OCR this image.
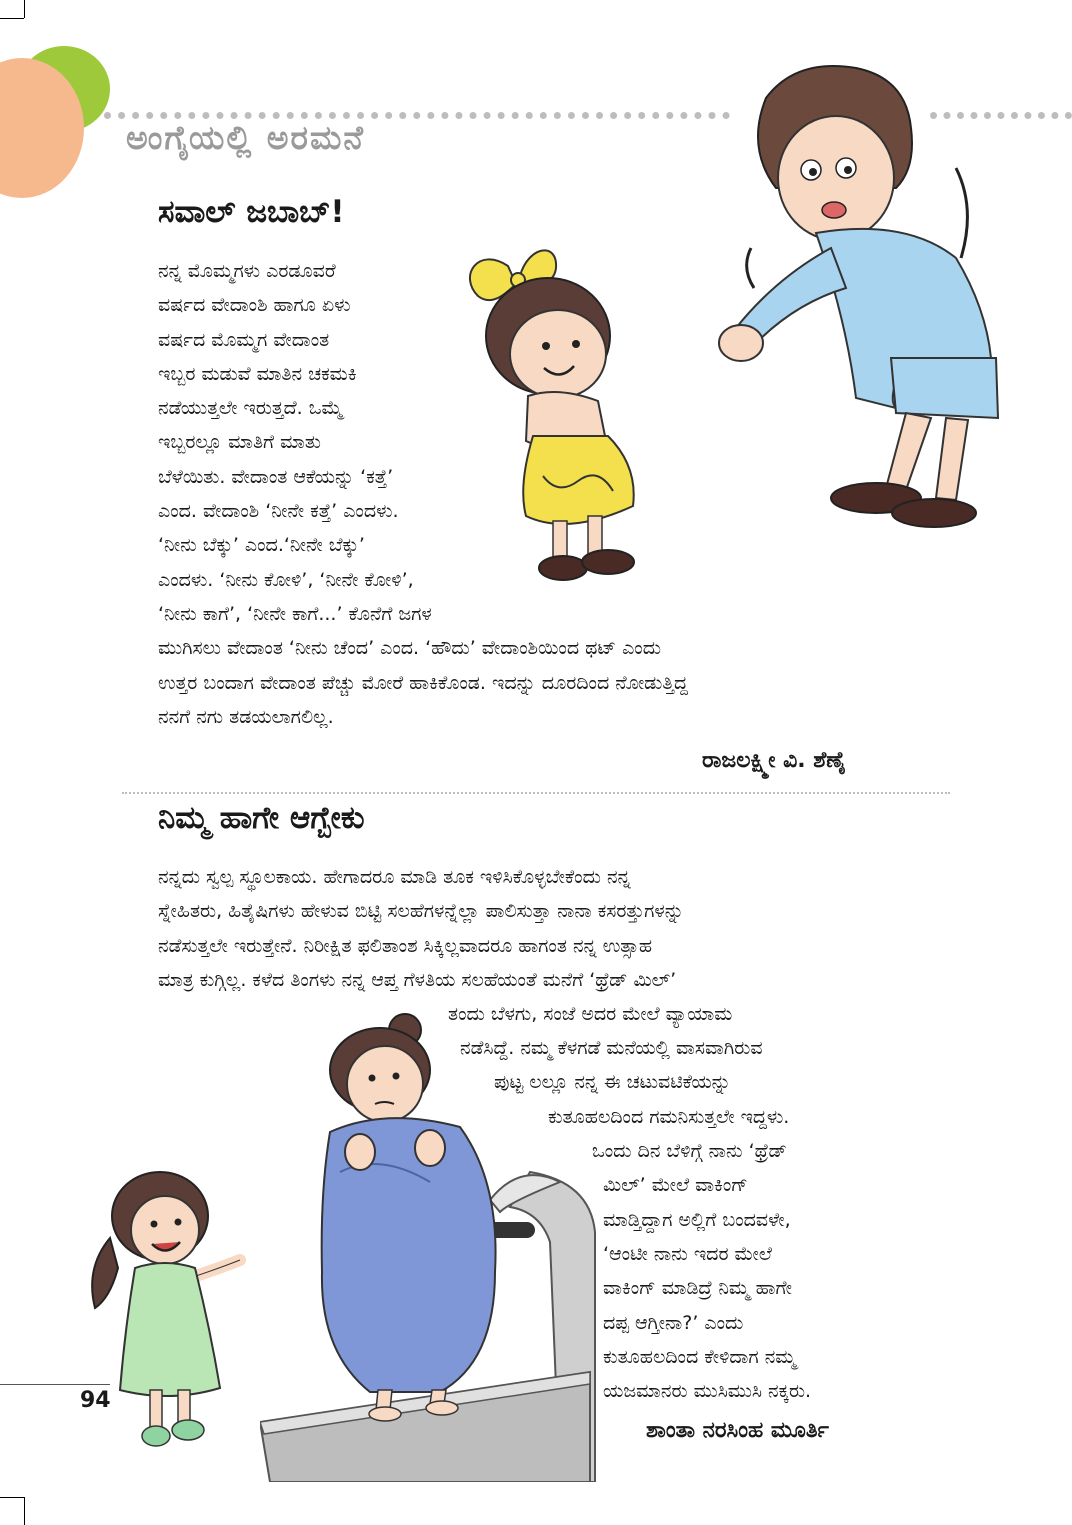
ಅಂಗೈಯಲ್ಲಿ ಅರಮನೆ
ಸವಾಲ್ ಜಬಾಬ್!
ನನ್ನ ಮೊಮ್ಮಗಳು ಎರಡೂವರೆ
ವರ್ಷದ ವೇದಾಂಶಿ ಹಾಗೂ ಏಳು
ವರ್ಷದ ಮೊಮ್ಮಗ ವೇದಾಂತ
ಇಬ್ಬರ ಮಡುವೆ ಮಾತಿನ ಚಕಮಕಿ
ನಡೆಯುತ್ತಲೇ ಇರುತ್ತದೆ. ಒಮ್ಮೆ
ಇಬ್ಬರಲ್ಲೂ ಮಾತಿಗೆ ಮಾತು
ಬೆಳೆಯಿತು. ವೇದಾಂತ ಆಕೆಯನ್ನು ‘ಕತ್ತೆ’
ಎಂದ. ವೇದಾಂಶಿ ‘ನೀನೇ ಕತ್ತೆ’ ಎಂದಳು.
‘ನೀನು ಬೆಕ್ಕು’ ಎಂದ.‘ನೀನೇ ಬೆಕ್ಕು’
ಎಂದಳು. ‘ನೀನು ಕೋಳಿ’, ‘ನೀನೇ ಕೋಳಿ’,
‘ನೀನು ಕಾಗೆ’, ‘ನೀನೇ ಕಾಗೆ...’ ಕೊನೆಗೆ ಜಗಳ
ಮುಗಿಸಲು ವೇದಾಂತ ‘ನೀನು ಚೆಂದ’ ಎಂದ. ‘ಹೌದು’ ವೇದಾಂಶಿಯಿಂದ ಥಟ್ ಎಂದು
ಉತ್ತರ ಬಂದಾಗ ವೇದಾಂತ ಪೆಚ್ಚು ಮೋರೆ ಹಾಕಿಕೊಂಡ. ಇದನ್ನು ದೂರದಿಂದ ನೋಡುತ್ತಿದ್ದ
ನನಗೆ ನಗು ತಡಯಲಾಗಲಿಲ್ಲ.
ರಾಜಲಕ್ಷ್ಮೀ ವಿ. ಶೆಣೈ
ನಿಮ್ಮ ಹಾಗೇ ಆಗ್ಬೇಕು
ನನ್ನದು ಸ್ವಲ್ಪ ಸ್ಥೂಲಕಾಯ. ಹೇಗಾದರೂ ಮಾಡಿ ತೂಕ ಇಳಿಸಿಕೊಳ್ಳಬೇಕೆಂದು ನನ್ನ
ಸ್ನೇಹಿತರು, ಹಿತೈಷಿಗಳು ಹೇಳುವ ಬಿಟ್ಟಿ ಸಲಹೆಗಳನ್ನೆಲ್ಲಾ ಪಾಲಿಸುತ್ತಾ ನಾನಾ ಕಸರತ್ತುಗಳನ್ನು
ನಡೆಸುತ್ತಲೇ ಇರುತ್ತೇನೆ. ನಿರೀಕ್ಷಿತ ಫಲಿತಾಂಶ ಸಿಕ್ಕಿಲ್ಲವಾದರೂ ಹಾಗಂತ ನನ್ನ ಉತ್ಸಾಹ
ಮಾತ್ರ ಕುಗ್ಗಿಲ್ಲ. ಕಳೆದ ತಿಂಗಳು ನನ್ನ ಆಪ್ತ ಗೆಳತಿಯ ಸಲಹೆಯಂತೆ ಮನೆಗೆ ‘ಥ್ರೆಡ್ ಮಿಲ್’
ತಂದು ಬೆಳಗು, ಸಂಜೆ ಅದರ ಮೇಲೆ ವ್ಯಾಯಾಮ
ನಡೆಸಿದ್ದೆ. ನಮ್ಮ ಕೆಳಗಡೆ ಮನೆಯಲ್ಲಿ ವಾಸವಾಗಿರುವ
ಪುಟ್ಟ ಲಲ್ಲೂ ನನ್ನ ಈ ಚಟುವಟಿಕೆಯನ್ನು
ಕುತೂಹಲದಿಂದ ಗಮನಿಸುತ್ತಲೇ ಇದ್ದಳು.
ಒಂದು ದಿನ ಬೆಳಿಗ್ಗೆ ನಾನು ‘ಥ್ರೆಡ್
ಮಿಲ್’ ಮೇಲೆ ವಾಕಿಂಗ್
ಮಾಡ್ತಿದ್ದಾಗ ಅಲ್ಲಿಗೆ ಬಂದವಳೇ,
‘ಆಂಟೀ ನಾನು ಇದರ ಮೇಲೆ
ವಾಕಿಂಗ್ ಮಾಡಿದ್ರೆ ನಿಮ್ಮ ಹಾಗೇ
ದಪ್ಪ ಆಗ್ತೀನಾ?’ ಎಂದು
ಕುತೂಹಲದಿಂದ ಕೇಳಿದಾಗ ನಮ್ಮ
ಯಜಮಾನರು ಮುಸಿಮುಸಿ ನಕ್ಕರು.
ಶಾಂತಾ ನರಸಿಂಹ ಮೂರ್ತಿ
94
